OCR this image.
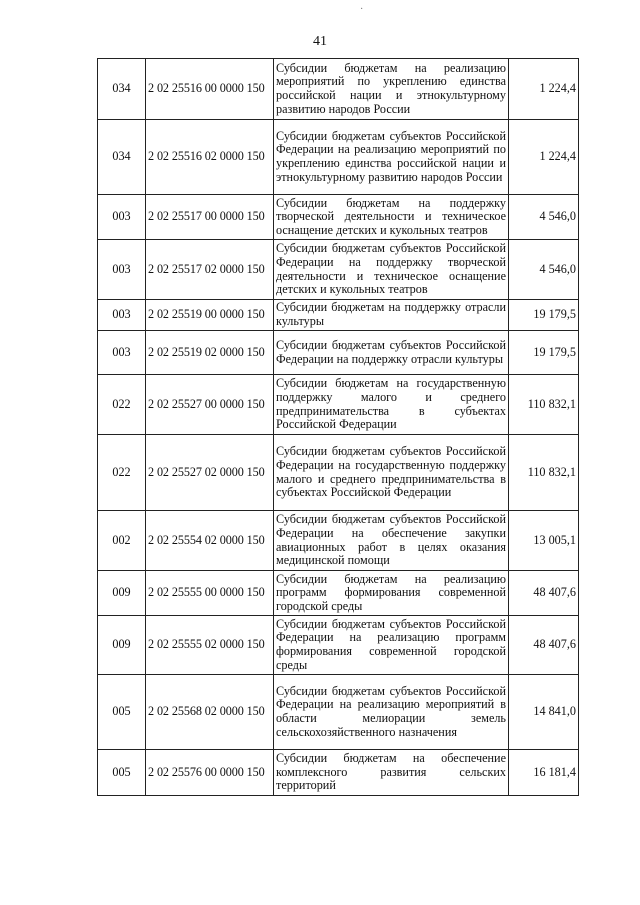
·
41
034	2 02 25516 00 0000 150	Субсидии бюджетам на реализацию мероприятий по укреплению единства российской нации и этнокультурному развитию народов России	1 224,4
034	2 02 25516 02 0000 150	Субсидии бюджетам субъектов Российской Федерации на реализацию мероприятий по укреплению единства российской нации и этнокультурному развитию народов России	1 224,4
003	2 02 25517 00 0000 150	Субсидии бюджетам на поддержку творческой деятельности и техническое оснащение детских и кукольных театров	4 546,0
003	2 02 25517 02 0000 150	Субсидии бюджетам субъектов Российской Федерации на поддержку творческой деятельности и техническое оснащение детских и кукольных театров	4 546,0
003	2 02 25519 00 0000 150	Субсидии бюджетам на поддержку отрасли культуры	19 179,5
003	2 02 25519 02 0000 150	Субсидии бюджетам субъектов Российской Федерации на поддержку отрасли культуры	19 179,5
022	2 02 25527 00 0000 150	Субсидии бюджетам на государственную поддержку малого и среднего предпринимательства в субъектах Российской Федерации	110 832,1
022	2 02 25527 02 0000 150	Субсидии бюджетам субъектов Российской Федерации на государственную поддержку малого и среднего предпринимательства в субъектах Российской Федерации	110 832,1
002	2 02 25554 02 0000 150	Субсидии бюджетам субъектов Российской Федерации на обеспечение закупки авиационных работ в целях оказания медицинской помощи	13 005,1
009	2 02 25555 00 0000 150	Субсидии бюджетам на реализацию программ формирования современной городской среды	48 407,6
009	2 02 25555 02 0000 150	Субсидии бюджетам субъектов Российской Федерации на реализацию программ формирования современной городской среды	48 407,6
005	2 02 25568 02 0000 150	Субсидии бюджетам субъектов Российской Федерации на реализацию мероприятий в области мелиорации земель сельскохозяйственного назначения	14 841,0
005	2 02 25576 00 0000 150	Субсидии бюджетам на обеспечение комплексного развития сельских территорий	16 181,4
